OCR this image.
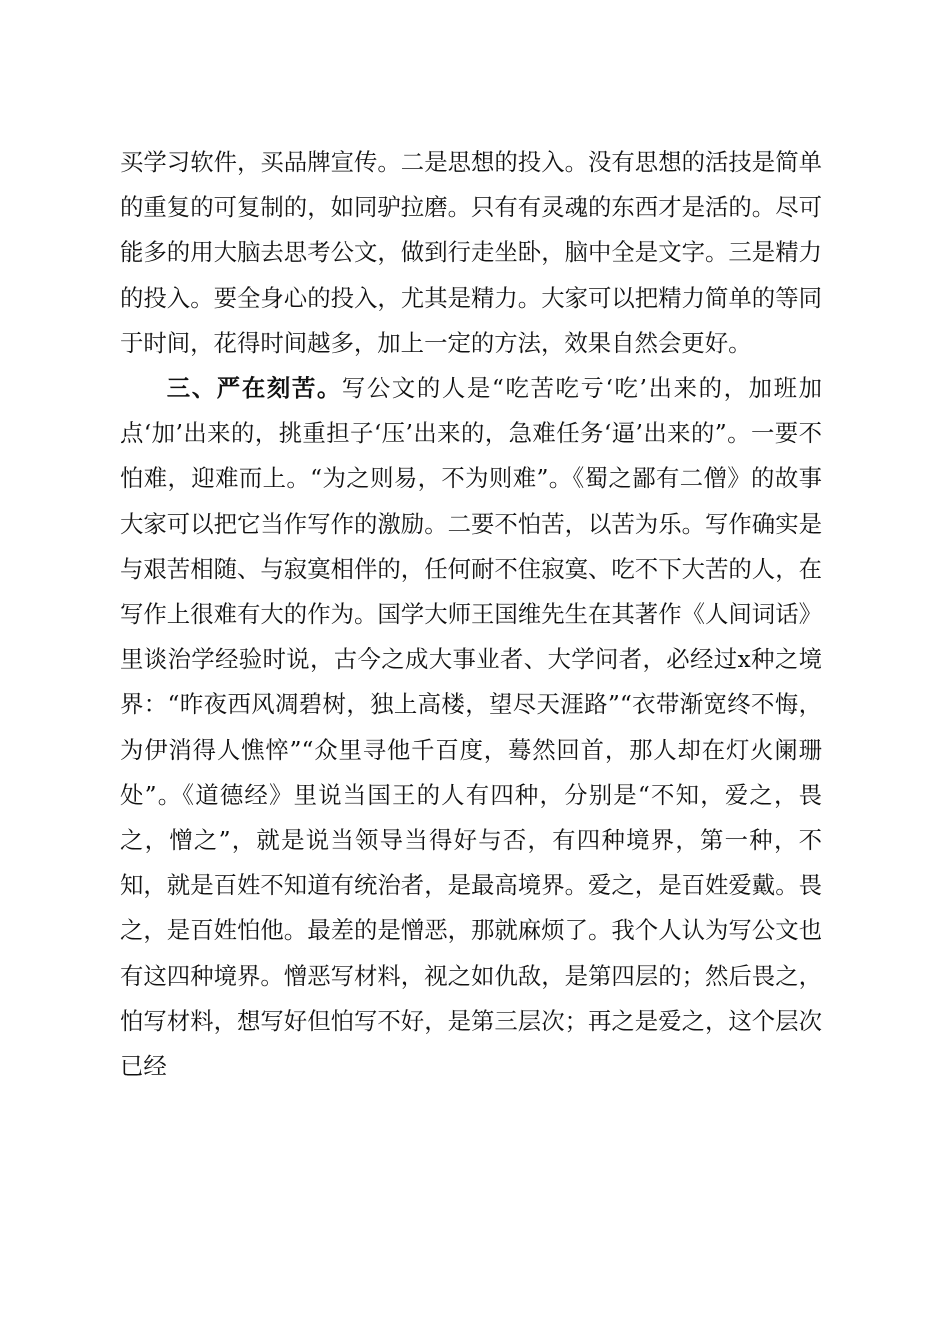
买学习软件，买品牌宣传。二是思想的投入。没有思想的活技是简单的重复的可复制的，如同驴拉磨。只有有灵魂的东西才是活的。尽可能多的用大脑去思考公文，做到行走坐卧，脑中全是文字。三是精力的投入。要全身心的投入，尤其是精力。大家可以把精力简单的等同于时间，花得时间越多，加上一定的方法，效果自然会更好。

三、严在刻苦。写公文的人是“吃苦吃亏‘吃’出来的，加班加点‘加’出来的，挑重担子‘压’出来的，急难任务‘逼’出来的”。一要不怕难，迎难而上。“为之则易，不为则难”。《蜀之鄙有二僧》的故事大家可以把它当作写作的激励。二要不怕苦，以苦为乐。写作确实是与艰苦相随、与寂寞相伴的，任何耐不住寂寞、吃不下大苦的人，在写作上很难有大的作为。国学大师王国维先生在其著作《人间词话》里谈治学经验时说，古今之成大事业者、大学问者，必经过x种之境界：“昨夜西风凋碧树，独上高楼，望尽天涯路”“衣带渐宽终不悔，为伊消得人憔悴”“众里寻他千百度，蓦然回首，那人却在灯火阑珊处”。《道德经》里说当国王的人有四种，分别是“不知，爱之，畏之，憎之”，就是说当领导当得好与否，有四种境界，第一种，不知，就是百姓不知道有统治者，是最高境界。爱之，是百姓爱戴。畏之，是百姓怕他。最差的是憎恶，那就麻烦了。我个人认为写公文也有这四种境界。憎恶写材料，视之如仇敌，是第四层的；然后畏之，怕写材料，想写好但怕写不好，是第三层次；再之是爱之，这个层次已经
